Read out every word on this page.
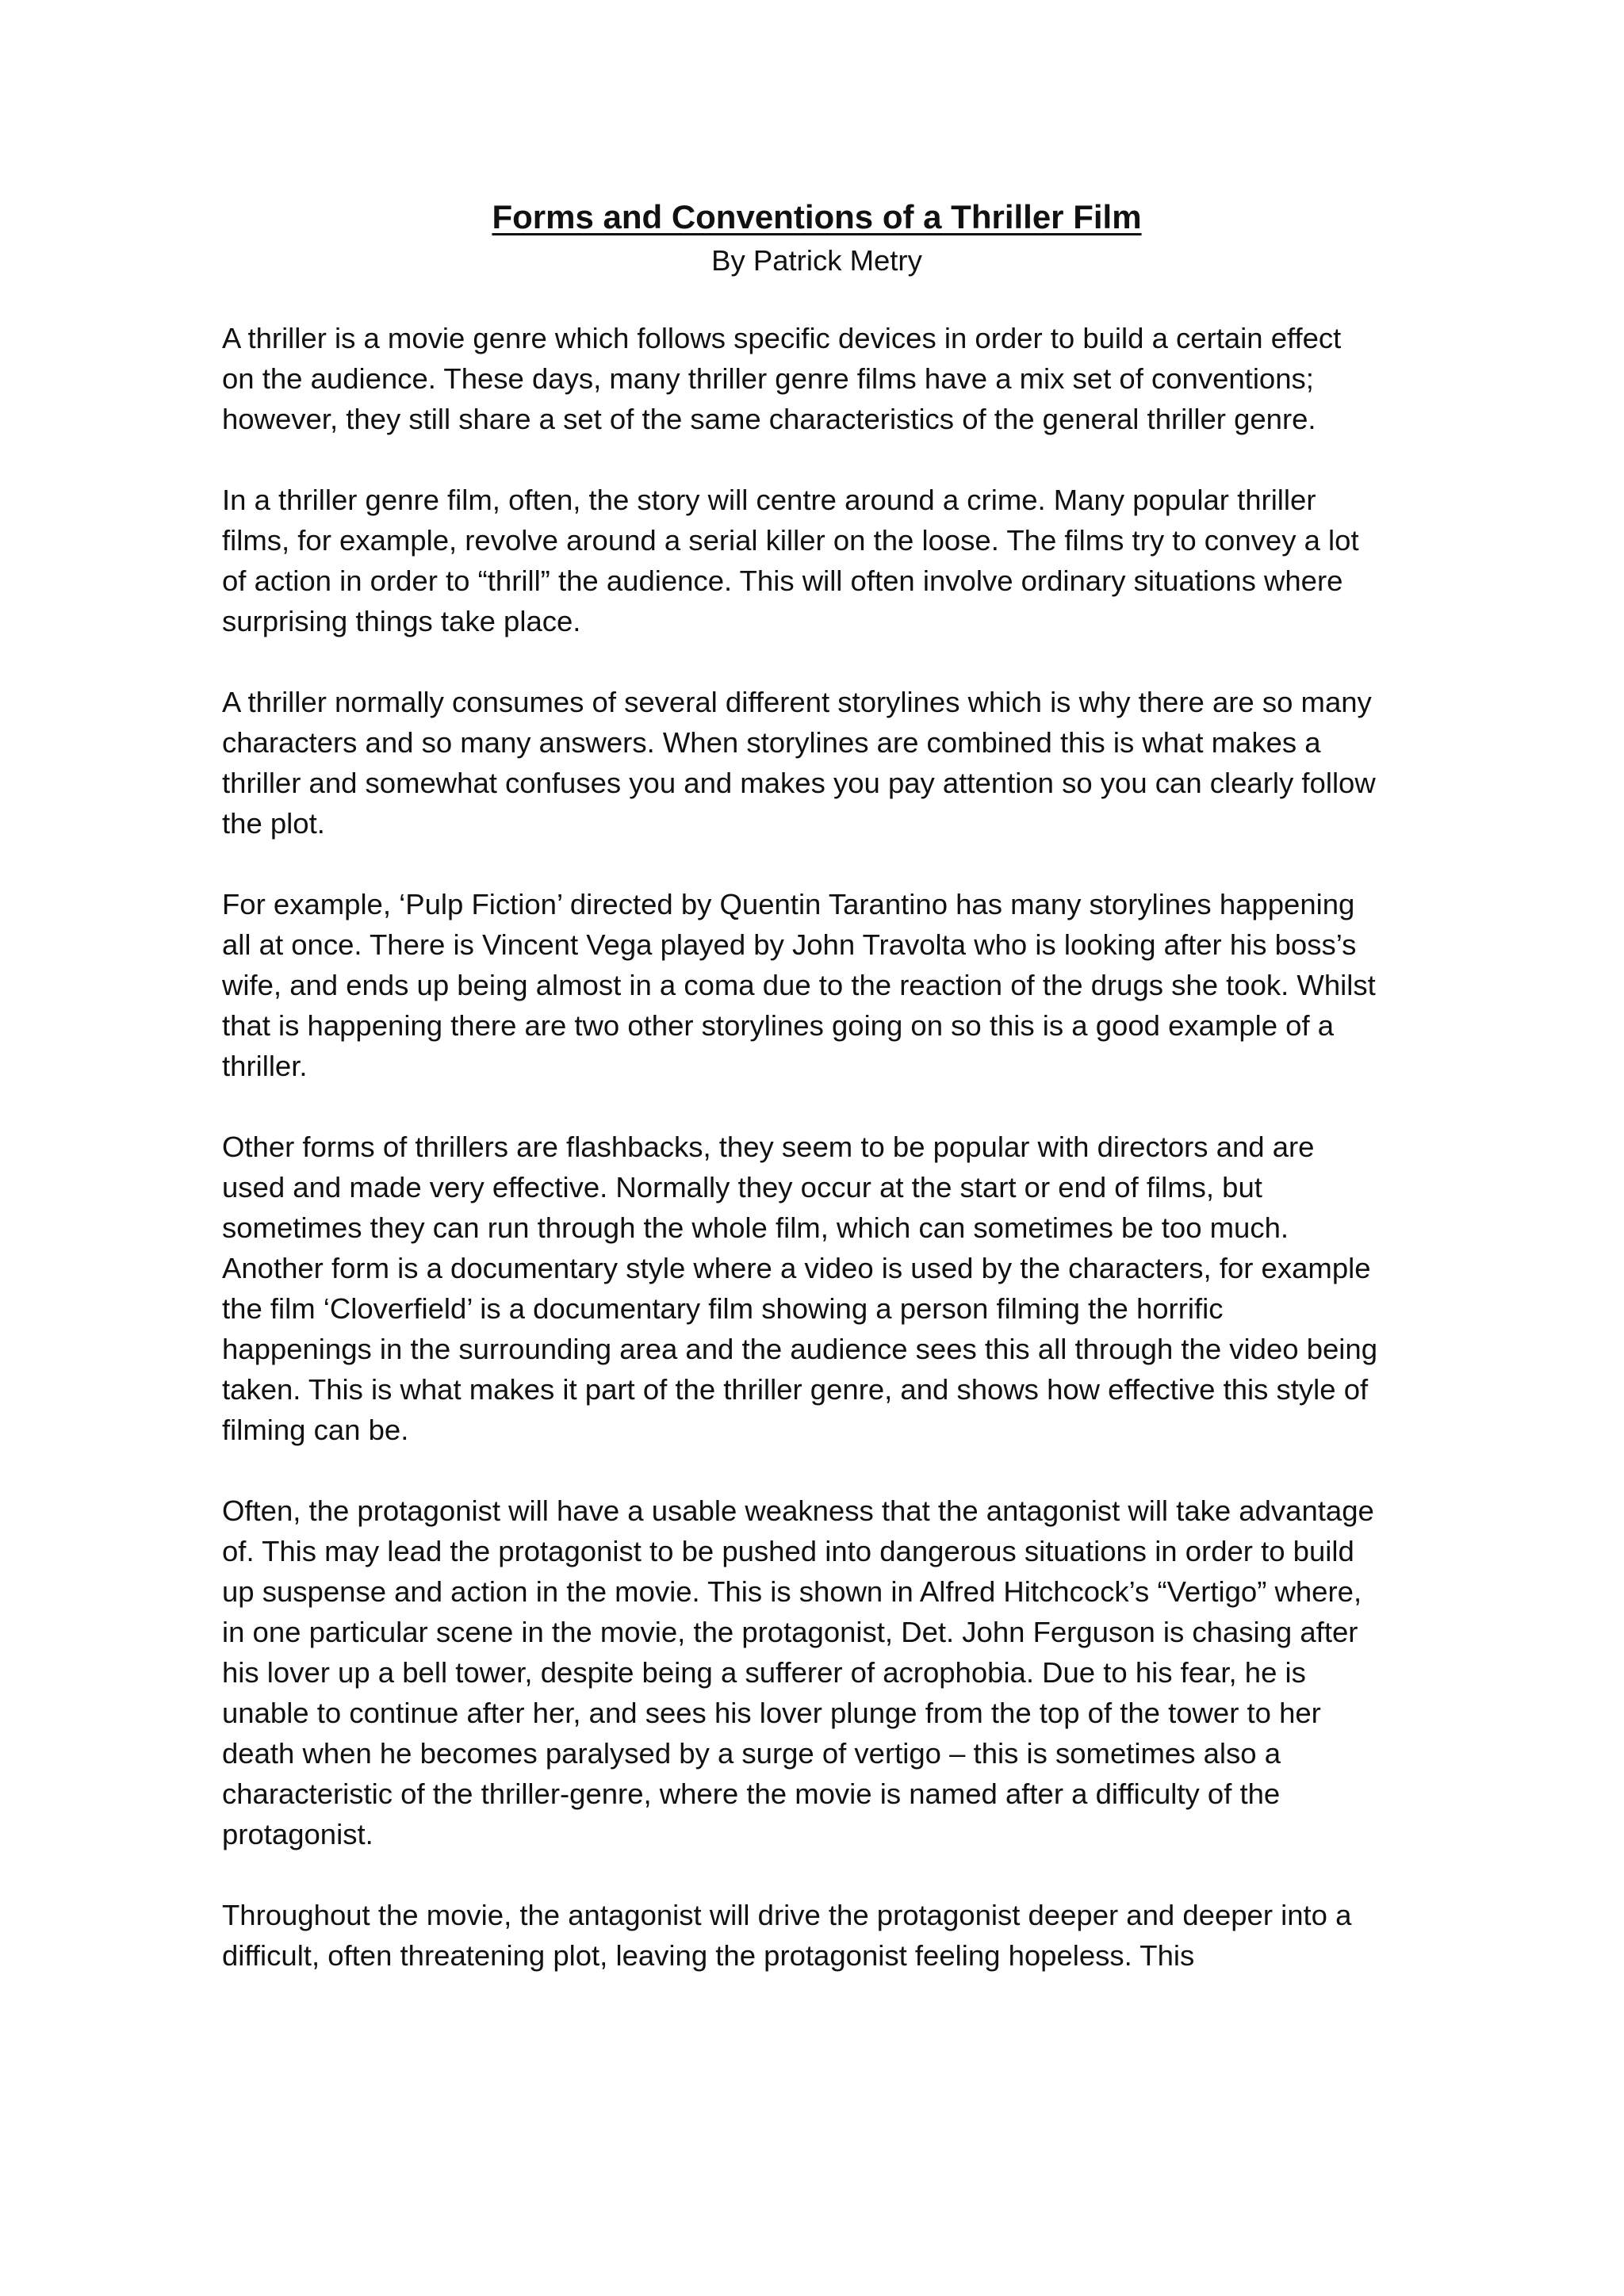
Forms and Conventions of a Thriller Film
By Patrick Metry

A thriller is a movie genre which follows specific devices in order to build a certain effect on the audience. These days, many thriller genre films have a mix set of conventions; however, they still share a set of the same characteristics of the general thriller genre.

In a thriller genre film, often, the story will centre around a crime. Many popular thriller films, for example, revolve around a serial killer on the loose. The films try to convey a lot of action in order to “thrill” the audience. This will often involve ordinary situations where surprising things take place.

A thriller normally consumes of several different storylines which is why there are so many characters and so many answers. When storylines are combined this is what makes a thriller and somewhat confuses you and makes you pay attention so you can clearly follow the plot.

For example, ‘Pulp Fiction’ directed by Quentin Tarantino has many storylines happening all at once. There is Vincent Vega played by John Travolta who is looking after his boss’s wife, and ends up being almost in a coma due to the reaction of the drugs she took. Whilst that is happening there are two other storylines going on so this is a good example of a thriller.

Other forms of thrillers are flashbacks, they seem to be popular with directors and are used and made very effective. Normally they occur at the start or end of films, but sometimes they can run through the whole film, which can sometimes be too much.

Another form is a documentary style where a video is used by the characters, for example the film ‘Cloverfield’ is a documentary film showing a person filming the horrific happenings in the surrounding area and the audience sees this all through the video being taken. This is what makes it part of the thriller genre, and shows how effective this style of filming can be.

Often, the protagonist will have a usable weakness that the antagonist will take advantage of. This may lead the protagonist to be pushed into dangerous situations in order to build up suspense and action in the movie. This is shown in Alfred Hitchcock’s “Vertigo” where, in one particular scene in the movie, the protagonist, Det. John Ferguson is chasing after his lover up a bell tower, despite being a sufferer of acrophobia. Due to his fear, he is unable to continue after her, and sees his lover plunge from the top of the tower to her death when he becomes paralysed by a surge of vertigo – this is sometimes also a characteristic of the thriller-genre, where the movie is named after a difficulty of the protagonist.

Throughout the movie, the antagonist will drive the protagonist deeper and deeper into a difficult, often threatening plot, leaving the protagonist feeling hopeless. This
